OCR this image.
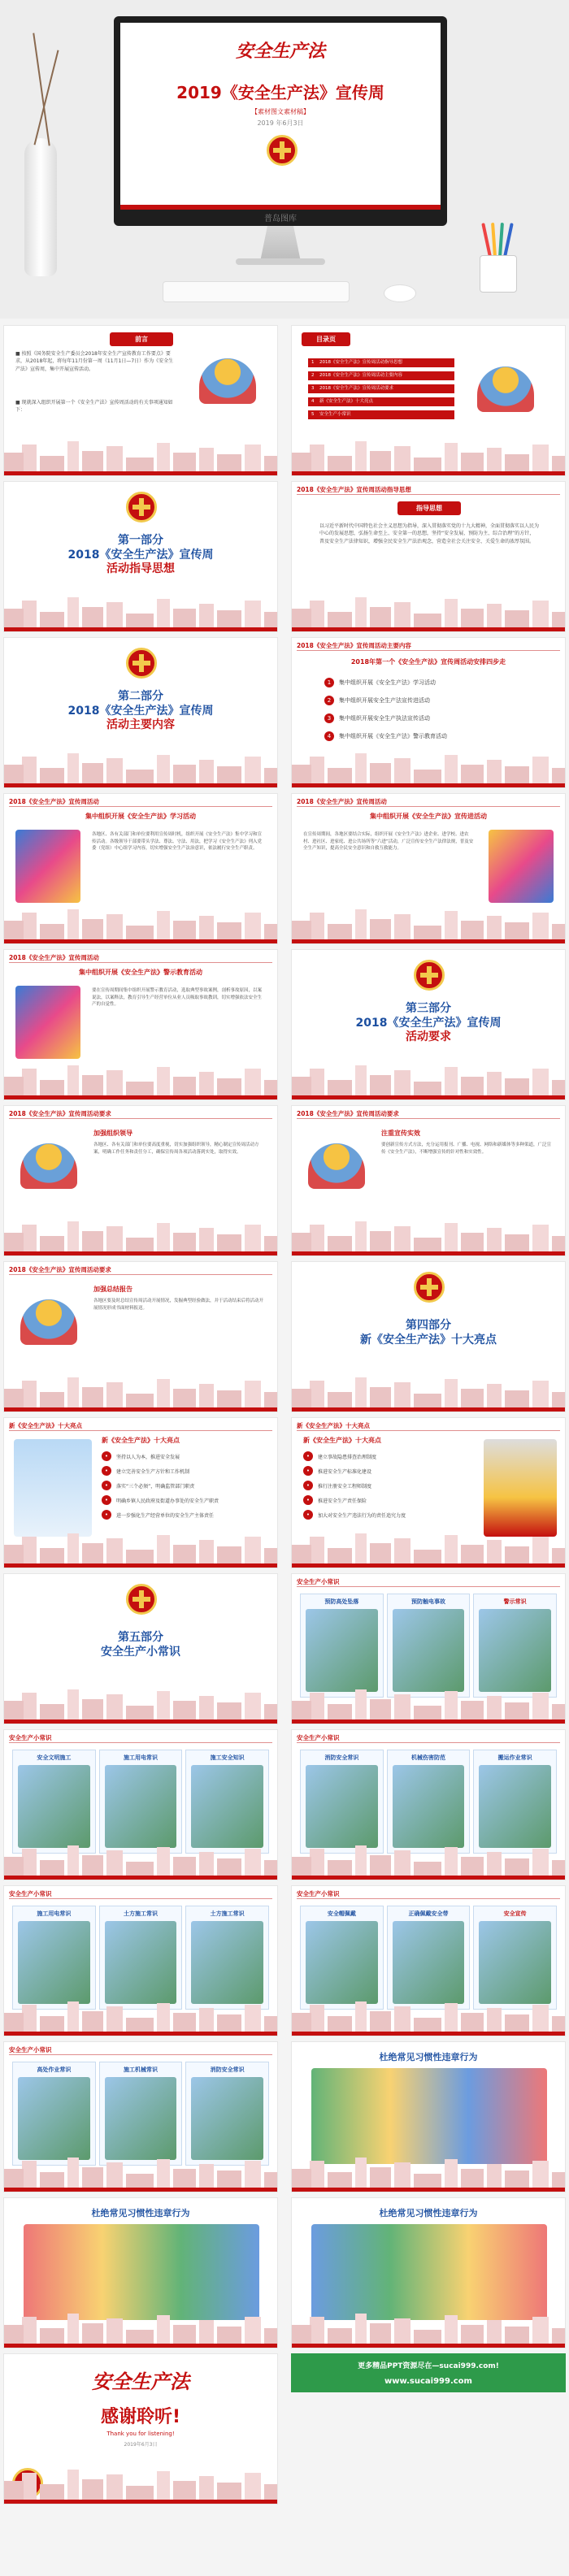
安全生产法
2019《安全生产法》宣传周
【素材图文素材稿】
2019 年6月3日
普岛图库
前言
■ 按照《国务院安全生产委员会2018年安全生产宣传教育工作要点》要求，从2018年起，将每年11月份第一周（11月1日—7日）作为《安全生产法》宣传周，集中开展宣传活动。
■ 现就深入组织开展第一个《安全生产法》宣传周活动的有关事项通知如下：
目录页
1 2018《安全生产法》宣传周活动指导思想
2 2018《安全生产法》宣传周活动主要内容
3 2018《安全生产法》宣传周活动要求
4 新《安全生产法》十大亮点
5 安全生产小常识
第一部分
2018《安全生产法》宣传周
活动指导思想
2018《安全生产法》宣传周活动指导思想
指导思想
以习近平新时代中国特色社会主义思想为指导，深入贯彻落实党的十九大精神，全面贯彻落实以人民为中心的发展思想，弘扬生命至上、安全第一的思想，坚持“安全发展、预防为主、综合治理”的方针，普及安全生产法律知识，增强全民安全生产法治观念，营造全社会关注安全、关爱生命的浓厚氛围。
第二部分
2018《安全生产法》宣传周
活动主要内容
2018《安全生产法》宣传周活动主要内容
2018年第一个《安全生产法》宣传周活动安排四步走
1	集中组织开展《安全生产法》学习活动
2	集中组织开展安全生产法宣传进活动
3	集中组织开展安全生产执法宣传活动
4	集中组织开展《安全生产法》警示教育活动
2018《安全生产法》宣传周活动
集中组织开展《安全生产法》学习活动
各地区、各有关部门和单位要利用宣传周时机，组织开展《安全生产法》集中学习和宣传活动。各级领导干部要带头学法、尊法、守法、用法，把学习《安全生产法》列入党委（党组）中心组学习内容，切实增强安全生产法治意识，依法履行安全生产职责。
2018《安全生产法》宣传周活动
集中组织开展《安全生产法》宣传进活动
在宣传周期间，各地区要结合实际，组织开展《安全生产法》进企业、进学校、进农村、进社区、进家庭、进公共场所等“六进”活动，广泛宣传安全生产法律法规，普及安全生产知识，提高全民安全意识和自救互救能力。
2018《安全生产法》宣传周活动
集中组织开展《安全生产法》警示教育活动
要在宣传周期间集中组织开展警示教育活动，选取典型事故案例，剖析事故原因，以案说法，以案释法，教育引导生产经营单位从业人员吸取事故教训，切实增强依法安全生产的自觉性。	第三部分
2018《安全生产法》宣传周
活动要求
2018《安全生产法》宣传周活动要求
加强组织领导
各地区、各有关部门和单位要高度重视，切实加强组织领导，精心制定宣传周活动方案，明确工作任务和责任分工，确保宣传周各项活动落到实处，取得实效。
2018《安全生产法》宣传周活动要求
注重宣传实效
要创新宣传方式方法，充分运用报刊、广播、电视、网络和新媒体等多种渠道，广泛宣传《安全生产法》，不断增强宣传的针对性和实效性。
2018《安全生产法》宣传周活动要求
加强总结报告
各地区要及时总结宣传周活动开展情况，发掘典型经验做法，并于活动结束后将活动开展情况形成书面材料报送。
第四部分
新《安全生产法》十大亮点
新《安全生产法》十大亮点
新《安全生产法》十大亮点
•	坚持以人为本，推进安全发展
•	建立完善安全生产方针和工作机制
•	落实“三个必须”，明确监管部门职责
•	明确乡镇人民政府及街道办事处的安全生产职责
•	进一步强化生产经营单位的安全生产主体责任
新《安全生产法》十大亮点
新《安全生产法》十大亮点
•	建立事故隐患排查治理制度
•	推进安全生产标准化建设
•	推行注册安全工程师制度
•	推进安全生产责任保险
•	加大对安全生产违法行为的责任追究力度
第五部分
安全生产小常识
安全生产小常识
预防高处坠落	预防触电事故	警示常识
安全生产小常识
安全文明施工	施工用电常识	施工安全知识
安全生产小常识
消防安全常识	机械伤害防范	搬运作业常识
安全生产小常识
施工用电常识	土方施工常识	土方施工常识
安全生产小常识
安全帽佩戴	正确佩戴安全带	安全宣传
安全生产小常识
高处作业常识	施工机械常识	消防安全常识
杜绝常见习惯性违章行为
杜绝常见习惯性违章行为	杜绝常见习惯性违章行为
安全生产法
感谢聆听!
Thank you for listening!
2019年6月3日
更多精品PPT资源尽在—sucai999.com!
www.sucai999.com
